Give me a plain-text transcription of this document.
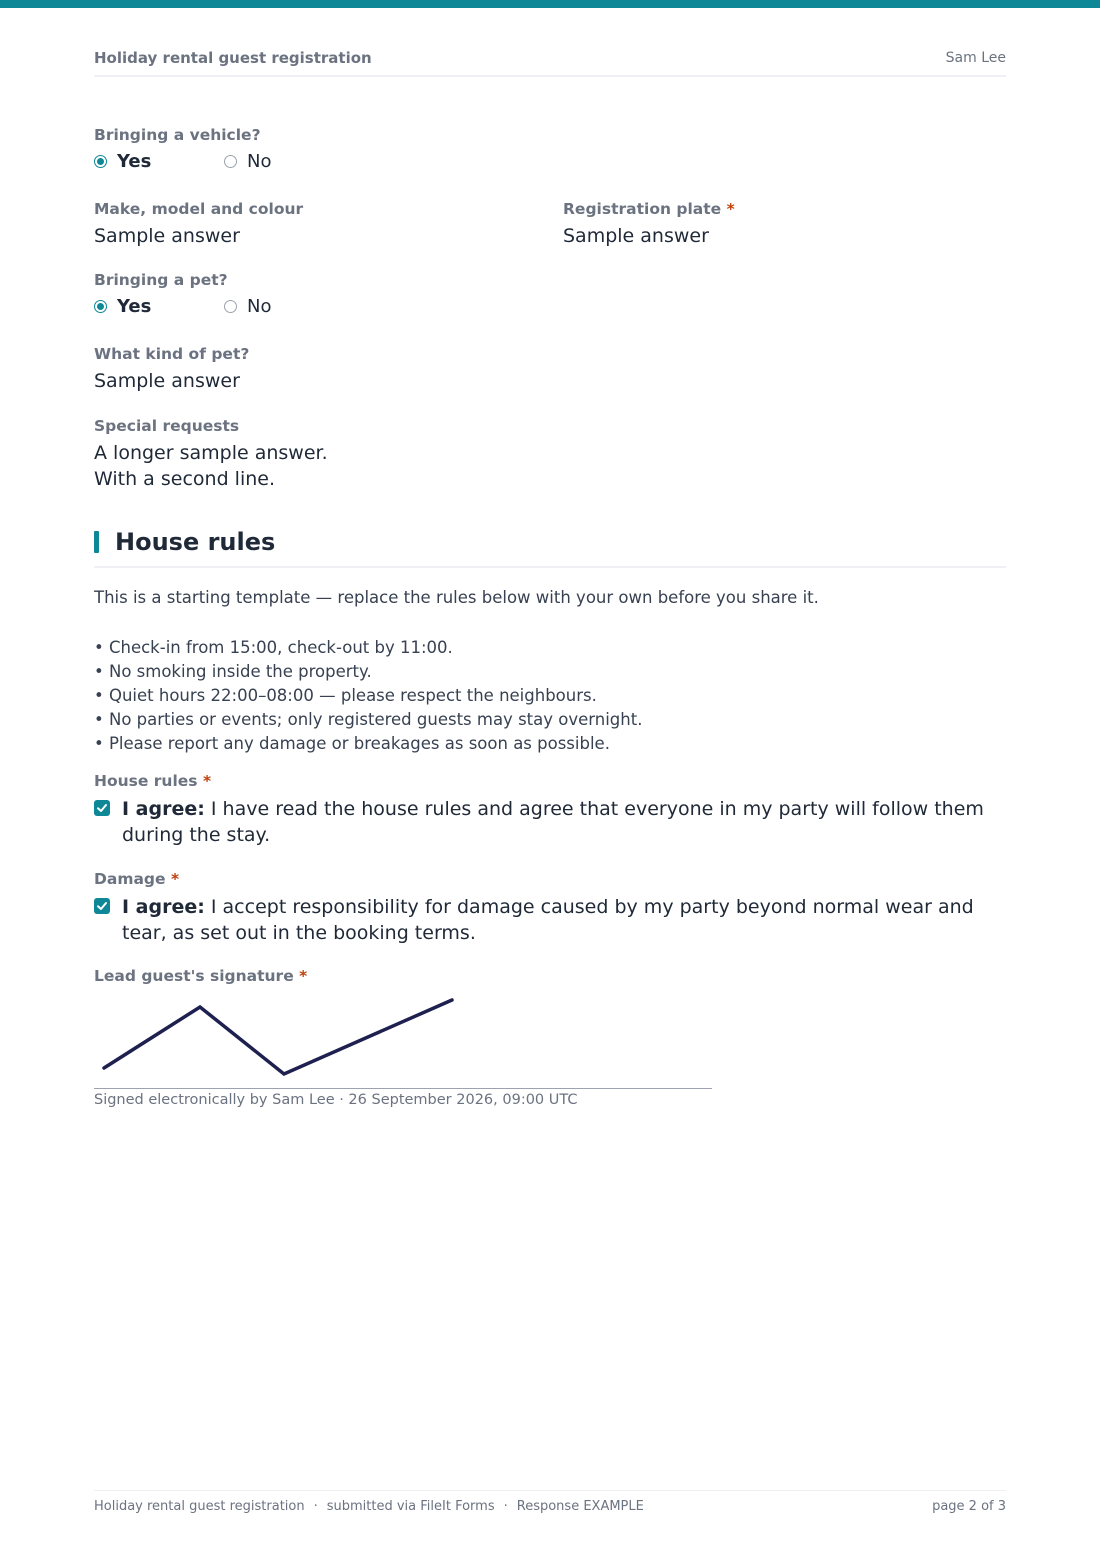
Holiday rental guest registration	Sam Lee
Bringing a vehicle?
Yes	No
Make, model and colour
Sample answer
Registration plate *
Sample answer
Bringing a pet?
Yes	No
What kind of pet?
Sample answer
Special requests
A longer sample answer.
With a second line.
House rules
This is a starting template — replace the rules below with your own before you share it.
• Check-in from 15:00, check-out by 11:00.
• No smoking inside the property.
• Quiet hours 22:00–08:00 — please respect the neighbours.
• No parties or events; only registered guests may stay overnight.
• Please report any damage or breakages as soon as possible.
House rules *
I agree: I have read the house rules and agree that everyone in my party will follow them during the stay.
Damage *
I agree: I accept responsibility for damage caused by my party beyond normal wear and tear, as set out in the booking terms.
Lead guest's signature *
Signed electronically by Sam Lee · 26 September 2026, 09:00 UTC
Holiday rental guest registration · submitted via FileIt Forms · Response EXAMPLE	page 2 of 3
